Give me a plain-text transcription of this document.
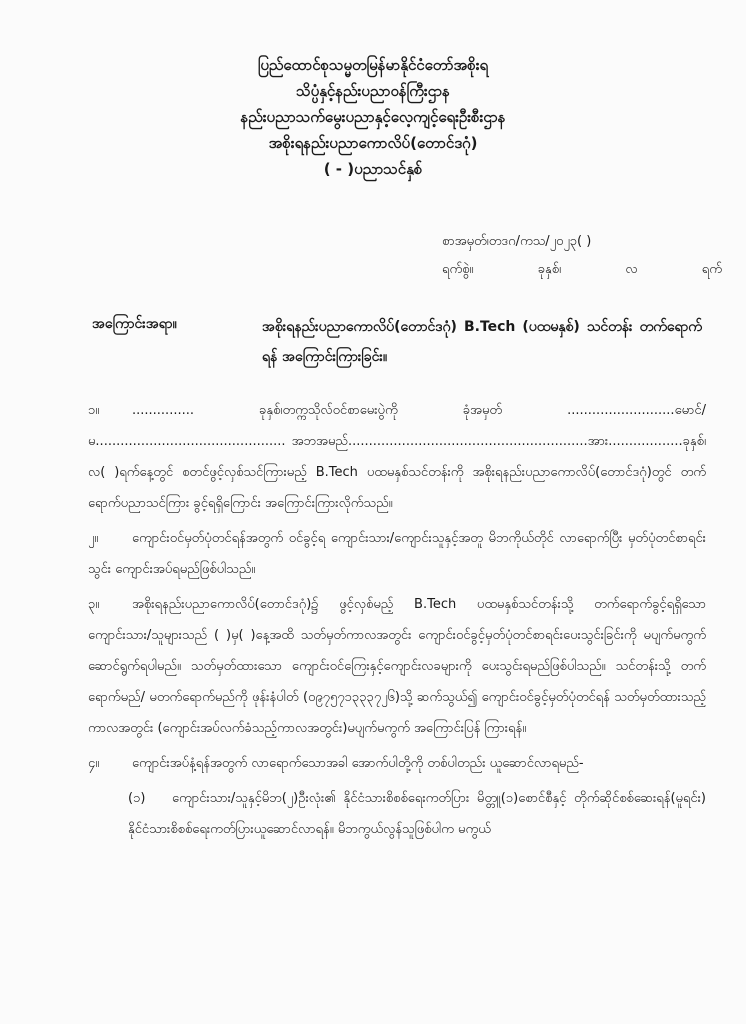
ပြည်ထောင်စုသမ္မတမြန်မာနိုင်ငံတော်အစိုးရ
သိပ္ပံနှင့်နည်းပညာဝန်ကြီးဌာန
နည်းပညာသက်မွေးပညာနှင့်လေ့ကျင့်ရေးဦးစီးဌာန
အစိုးရနည်းပညာကောလိပ်(တောင်ဒဂုံ)
( - )ပညာသင်နှစ်
စာအမှတ်၊တဒဂ/ကသ/၂၀၂၃( )
ရက်စွဲ။	ခုနှစ်၊	လ	ရက်
အကြောင်းအရာ။	အစိုးရနည်းပညာကောလိပ်(တောင်ဒဂုံ) B.Tech (ပထမနှစ်) သင်တန်း တက်ရောက်ရန် အကြောင်းကြားခြင်း။

၁။	............... ခုနှစ်၊တက္ကသိုလ်ဝင်စာမေးပွဲကို ခုံအမှတ် ..........................မောင်/မ.............................................. အဘအမည်..........................................................အား..................ခုနှစ်၊ လ( )ရက်နေ့တွင် စတင်ဖွင့်လှစ်သင်ကြားမည့် B.Tech ပထမနှစ်သင်တန်းကို အစိုးရနည်းပညာကောလိပ်(တောင်ဒဂုံ)တွင် တက်ရောက်ပညာသင်ကြား ခွင့်ရရှိကြောင်း အကြောင်းကြားလိုက်သည်။

၂။	ကျောင်းဝင်မှတ်ပုံတင်ရန်အတွက် ဝင်ခွင့်ရ ကျောင်းသား/ကျောင်းသူနှင့်အတူ မိဘကိုယ်တိုင် လာရောက်ပြီး မှတ်ပုံတင်စာရင်းသွင်း ကျောင်းအပ်ရမည်ဖြစ်ပါသည်။

၃။	အစိုးရနည်းပညာကောလိပ်(တောင်ဒဂုံ)၌ ဖွင့်လှစ်မည့် B.Tech ပထမနှစ်သင်တန်းသို့ တက်ရောက်ခွင့်ရရှိသော ကျောင်းသား/သူများသည် ( )မှ( )နေ့အထိ သတ်မှတ်ကာလအတွင်း ကျောင်းဝင်ခွင့်မှတ်ပုံတင်စာရင်းပေးသွင်းခြင်းကို မပျက်မကွက်ဆောင်ရွက်ရပါမည်။ သတ်မှတ်ထားသော ကျောင်းဝင်ကြေးနှင့်ကျောင်းလခများကို ပေးသွင်းရမည်ဖြစ်ပါသည်။ သင်တန်းသို့ တက်ရောက်မည်/ မတက်ရောက်မည်ကို ဖုန်းနံပါတ် (၀၉၇၅၇၁၃၃၃၇၂၆)သို့ ဆက်သွယ်၍ ကျောင်းဝင်ခွင့်မှတ်ပုံတင်ရန် သတ်မှတ်ထားသည့်ကာလအတွင်း (ကျောင်းအပ်လက်ခံသည့်ကာလအတွင်း)မပျက်မကွက် အကြောင်းပြန် ကြားရန်။

၄။	ကျောင်းအပ်နံ့ရန်အတွက် လာရောက်သောအခါ အောက်ပါတို့ကို တစ်ပါတည်း ယူဆောင်လာရမည်-

(၁) ကျောင်းသား/သူနှင့်မိဘ(၂)ဦးလုံး၏ နိုင်ငံသားစိစစ်ရေးကတ်ပြား မိတ္တူ(၁)စောင်စီနှင့် တိုက်ဆိုင်စစ်ဆေးရန်(မူရင်း) နိုင်ငံသားစိစစ်ရေးကတ်ပြားယူဆောင်လာရန်။ မိဘကွယ်လွန်သူဖြစ်ပါက မကွယ်
